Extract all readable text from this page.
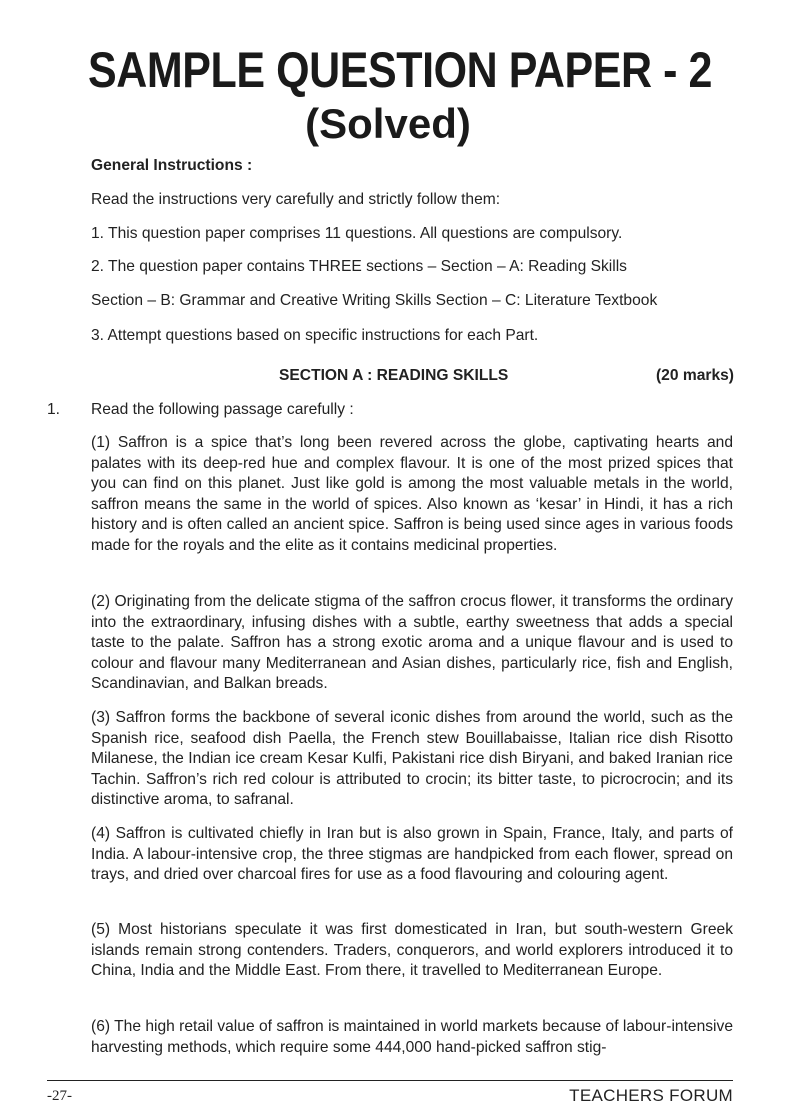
SAMPLE QUESTION PAPER - 2
(Solved)
General Instructions :
Read the instructions very carefully and strictly follow them:
1. This question paper comprises 11 questions. All questions are compulsory.
2. The question paper contains THREE sections – Section – A: Reading Skills
Section – B: Grammar and Creative Writing Skills Section – C: Literature Textbook
3. Attempt questions based on specific instructions for each Part.
SECTION A : READING SKILLS	(20 marks)
1. Read the following passage carefully :

(1) Saffron is a spice that’s long been revered across the globe, captivating hearts and palates with its deep-red hue and complex flavour. It is one of the most prized spices that you can find on this planet. Just like gold is among the most valuable metals in the world, saffron means the same in the world of spices. Also known as ‘kesar’ in Hindi, it has a rich history and is often called an ancient spice. Saffron is being used since ages in various foods made for the royals and the elite as it contains medicinal properties.

(2) Originating from the delicate stigma of the saffron crocus flower, it transforms the ordinary into the extraordinary, infusing dishes with a subtle, earthy sweetness that adds a special taste to the palate. Saffron has a strong exotic aroma and a unique flavour and is used to colour and flavour many Mediterranean and Asian dishes, particularly rice, fish and English, Scandinavian, and Balkan breads.

(3) Saffron forms the backbone of several iconic dishes from around the world, such as the Spanish rice, seafood dish Paella, the French stew Bouillabaisse, Italian rice dish Risotto Milanese, the Indian ice cream Kesar Kulfi, Pakistani rice dish Biryani, and baked Iranian rice Tachin. Saffron’s rich red colour is attributed to crocin; its bitter taste, to picrocrocin; and its distinctive aroma, to safranal.

(4) Saffron is cultivated chiefly in Iran but is also grown in Spain, France, Italy, and parts of India. A labour-intensive crop, the three stigmas are handpicked from each flower, spread on trays, and dried over charcoal fires for use as a food flavouring and colouring agent.

(5) Most historians speculate it was first domesticated in Iran, but south-western Greek islands remain strong contenders. Traders, conquerors, and world explorers introduced it to China, India and the Middle East. From there, it travelled to Mediterranean Europe.

(6) The high retail value of saffron is maintained in world markets because of labour-intensive harvesting methods, which require some 444,000 hand-picked saffron stig-

-27-	TEACHERS FORUM
